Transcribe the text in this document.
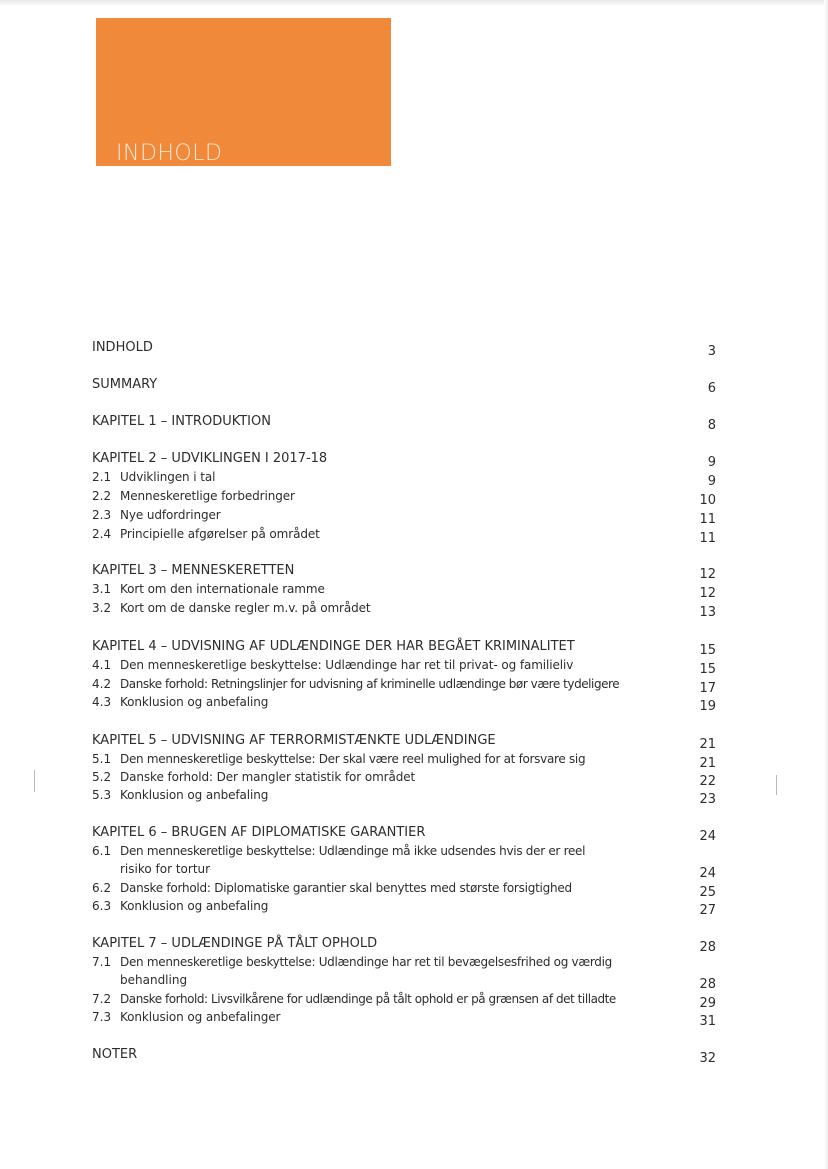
INDHOLD
INDHOLD	3
SUMMARY	6
KAPITEL 1 – INTRODUKTION	8
KAPITEL 2 – UDVIKLINGEN I 2017-18	9
2.1 Udviklingen i tal	9
2.2 Menneskeretlige forbedringer	10
2.3 Nye udfordringer	11
2.4 Principielle afgørelser på området	11
KAPITEL 3 – MENNESKERETTEN	12
3.1 Kort om den internationale ramme	12
3.2 Kort om de danske regler m.v. på området	13
KAPITEL 4 – UDVISNING AF UDLÆNDINGE DER HAR BEGÅET KRIMINALITET	15
4.1 Den menneskeretlige beskyttelse: Udlændinge har ret til privat- og familieliv	15
4.2 Danske forhold: Retningslinjer for udvisning af kriminelle udlændinge bør være tydeligere	17
4.3 Konklusion og anbefaling	19
KAPITEL 5 – UDVISNING AF TERRORMISTÆNKTE UDLÆNDINGE	21
5.1 Den menneskeretlige beskyttelse: Der skal være reel mulighed for at forsvare sig	21
5.2 Danske forhold: Der mangler statistik for området	22
5.3 Konklusion og anbefaling	23
KAPITEL 6 – BRUGEN AF DIPLOMATISKE GARANTIER	24
6.1 Den menneskeretlige beskyttelse: Udlændinge må ikke udsendes hvis der er reel
risiko for tortur	24
6.2 Danske forhold: Diplomatiske garantier skal benyttes med største forsigtighed	25
6.3 Konklusion og anbefaling	27
KAPITEL 7 – UDLÆNDINGE PÅ TÅLT OPHOLD	28
7.1 Den menneskeretlige beskyttelse: Udlændinge har ret til bevægelsesfrihed og værdig
behandling	28
7.2 Danske forhold: Livsvilkårene for udlændinge på tålt ophold er på grænsen af det tilladte	29
7.3 Konklusion og anbefalinger	31
NOTER	32
